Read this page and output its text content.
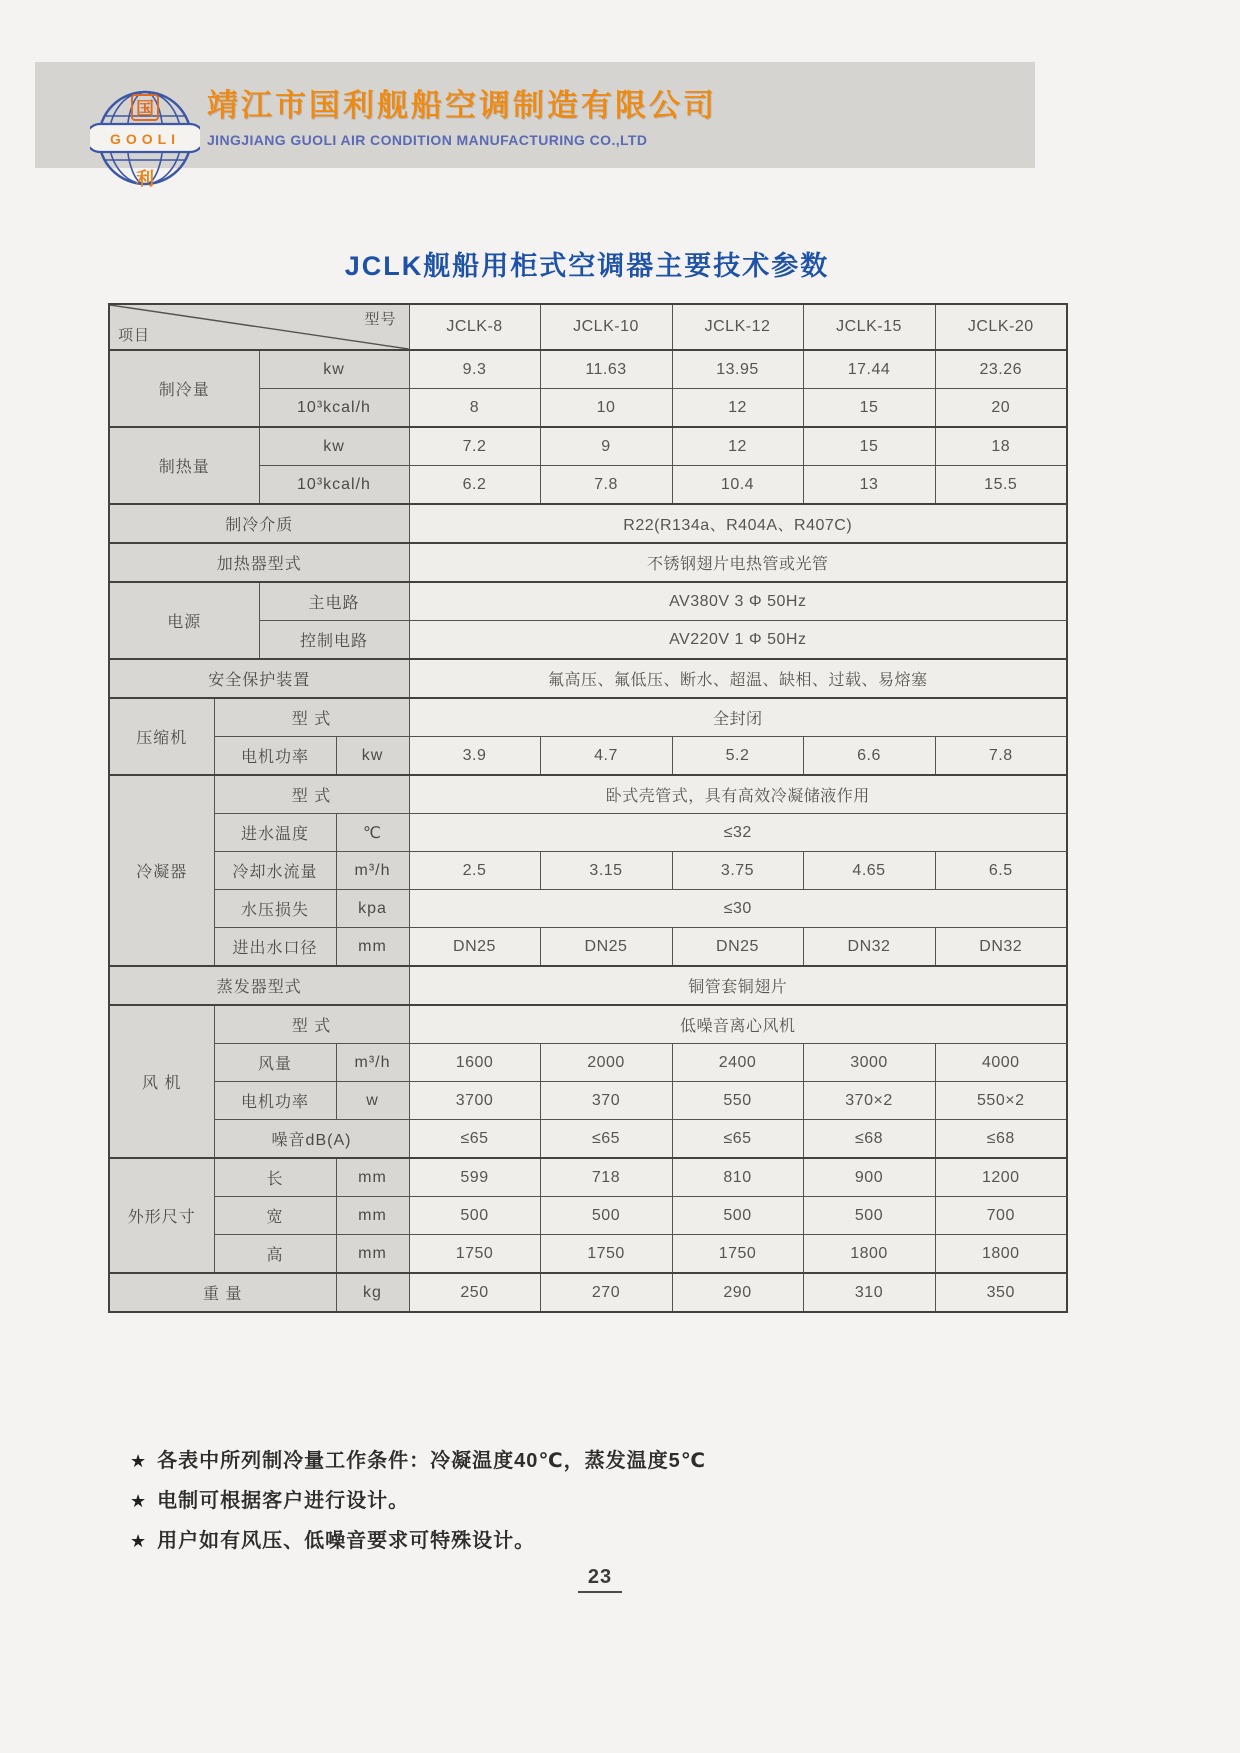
GOOLI
国
利
靖江市国利舰船空调制造有限公司
JINGJIANG GUOLI AIR CONDITION MANUFACTURING CO.,LTD
JCLK舰船用柜式空调器主要技术参数
型号
项目				JCLK-8	JCLK-10	JCLK-12	JCLK-15	JCLK-20
制冷量		kw		9.3	11.63	13.95	17.44	23.26
		10³kcal/h		8	10	12	15	20
制热量		kw		7.2	9	12	15	18
		10³kcal/h		6.2	7.8	10.4	13	15.5
制冷介质				R22(R134a、R404A、R407C)				
加热器型式				不锈钢翅片电热管或光管				
电源		主电路		AV380V 3 Φ 50Hz				
		控制电路		AV220V 1 Φ 50Hz				
安全保护装置				氟高压、氟低压、断水、超温、缺相、过载、易熔塞				
压缩机	型 式			全封闭				
	电机功率		kw	3.9	4.7	5.2	6.6	7.8
冷凝器	型 式			卧式壳管式，具有高效冷凝储液作用				
	进水温度		℃	≤32				
	冷却水流量		m³/h	2.5	3.15	3.75	4.65	6.5
	水压损失		kpa	≤30				
	进出水口径		mm	DN25	DN25	DN25	DN32	DN32
蒸发器型式				铜管套铜翅片				
风 机	型 式			低噪音离心风机				
	风量		m³/h	1600	2000	2400	3000	4000
	电机功率		w	3700	370	550	370×2	550×2
	噪音dB(A)			≤65	≤65	≤65	≤68	≤68
外形尺寸	长		mm	599	718	810	900	1200
	宽		mm	500	500	500	500	700
	高		mm	1750	1750	1750	1800	1800
重 量			kg	250	270	290	310	350
★ 各表中所列制冷量工作条件：冷凝温度40℃，蒸发温度5℃
★ 电制可根据客户进行设计。
★ 用户如有风压、低噪音要求可特殊设计。
23
